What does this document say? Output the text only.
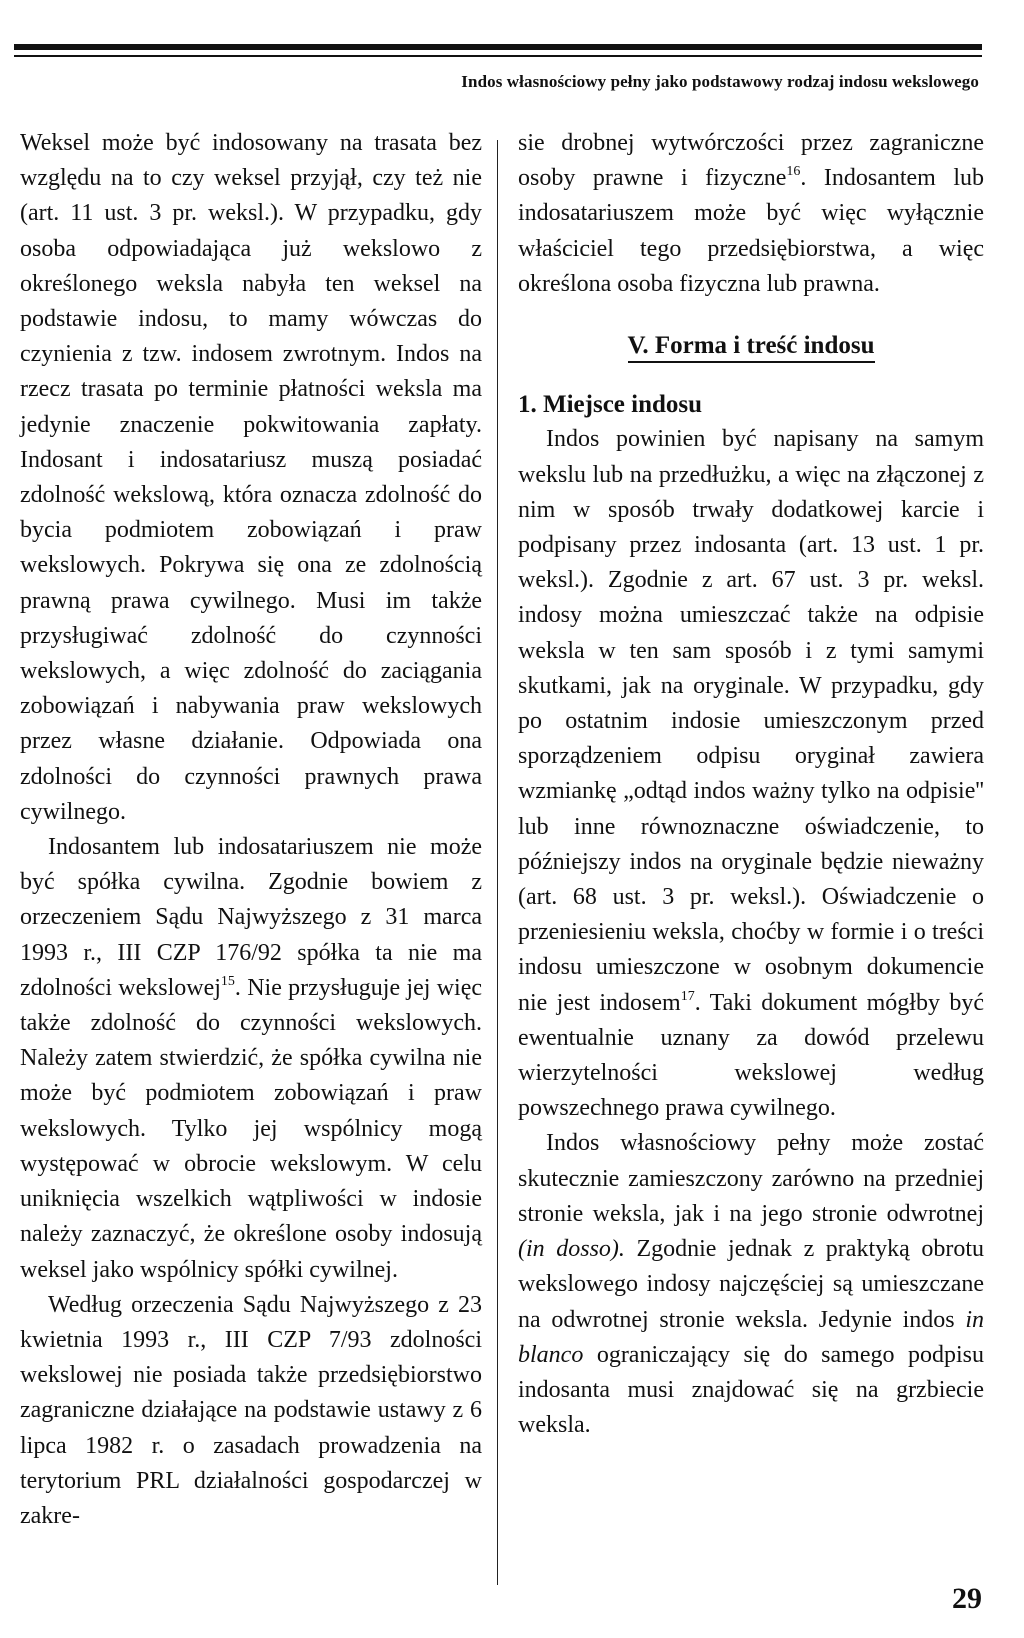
Indos własnościowy pełny jako podstawowy rodzaj indosu wekslowego

Weksel może być indosowany na trasata bez względu na to czy weksel przyjął, czy też nie (art. 11 ust. 3 pr. weksl.). W przypadku, gdy osoba odpowiadająca już wekslowo z określonego weksla nabyła ten weksel na podstawie indosu, to mamy wówczas do czynienia z tzw. indosem zwrotnym. Indos na rzecz trasata po terminie płatności weksla ma jedynie znaczenie pokwitowania zapłaty. Indosant i indosatariusz muszą posiadać zdolność wekslową, która oznacza zdolność do bycia podmiotem zobowiązań i praw wekslowych. Pokrywa się ona ze zdolnością prawną prawa cywilnego. Musi im także przysługiwać zdolność do czynności wekslowych, a więc zdolność do zaciągania zobowiązań i nabywania praw wekslowych przez własne działanie. Odpowiada ona zdolności do czynności prawnych prawa cywilnego.

Indosantem lub indosatariuszem nie może być spółka cywilna. Zgodnie bowiem z orzeczeniem Sądu Najwyższego z 31 marca 1993 r., III CZP 176/92 spółka ta nie ma zdolności wekslowej$^{15}$. Nie przysługuje jej więc także zdolność do czynności wekslowych. Należy zatem stwierdzić, że spółka cywilna nie może być podmiotem zobowiązań i praw wekslowych. Tylko jej wspólnicy mogą występować w obrocie wekslowym. W celu uniknięcia wszelkich wątpliwości w indosie należy zaznaczyć, że określone osoby indosują weksel jako wspólnicy spółki cywilnej.

Według orzeczenia Sądu Najwyższego z 23 kwietnia 1993 r., III CZP 7/93 zdolności wekslowej nie posiada także przedsiębiorstwo zagraniczne działające na podstawie ustawy z 6 lipca 1982 r. o zasadach prowadzenia na terytorium PRL działalności gospodarczej w zakre-

sie drobnej wytwórczości przez zagraniczne osoby prawne i fizyczne$^{16}$. Indosantem lub indosatariuszem może być więc wyłącznie właściciel tego przedsiębiorstwa, a więc określona osoba fizyczna lub prawna.

V. Forma i treść indosu

1. Miejsce indosu

Indos powinien być napisany na samym wekslu lub na przedłużku, a więc na złączonej z nim w sposób trwały dodatkowej karcie i podpisany przez indosanta (art. 13 ust. 1 pr. weksl.). Zgodnie z art. 67 ust. 3 pr. weksl. indosy można umieszczać także na odpisie weksla w ten sam sposób i z tymi samymi skutkami, jak na oryginale. W przypadku, gdy po ostatnim indosie umieszczonym przed sporządzeniem odpisu oryginał zawiera wzmiankę „odtąd indos ważny tylko na odpisie'' lub inne równoznaczne oświadczenie, to późniejszy indos na oryginale będzie nieważny (art. 68 ust. 3 pr. weksl.). Oświadczenie o przeniesieniu weksla, choćby w formie i o treści indosu umieszczone w osobnym dokumencie nie jest indosem$^{17}$. Taki dokument mógłby być ewentualnie uznany za dowód przelewu wierzytelności wekslowej według powszechnego prawa cywilnego.

Indos własnościowy pełny może zostać skutecznie zamieszczony zarówno na przedniej stronie weksla, jak i na jego stronie odwrotnej (in dosso). Zgodnie jednak z praktyką obrotu wekslowego indosy najczęściej są umieszczane na odwrotnej stronie weksla. Jedynie indos in blanco ograniczający się do samego podpisu indosanta musi znajdować się na grzbiecie weksla.

29
